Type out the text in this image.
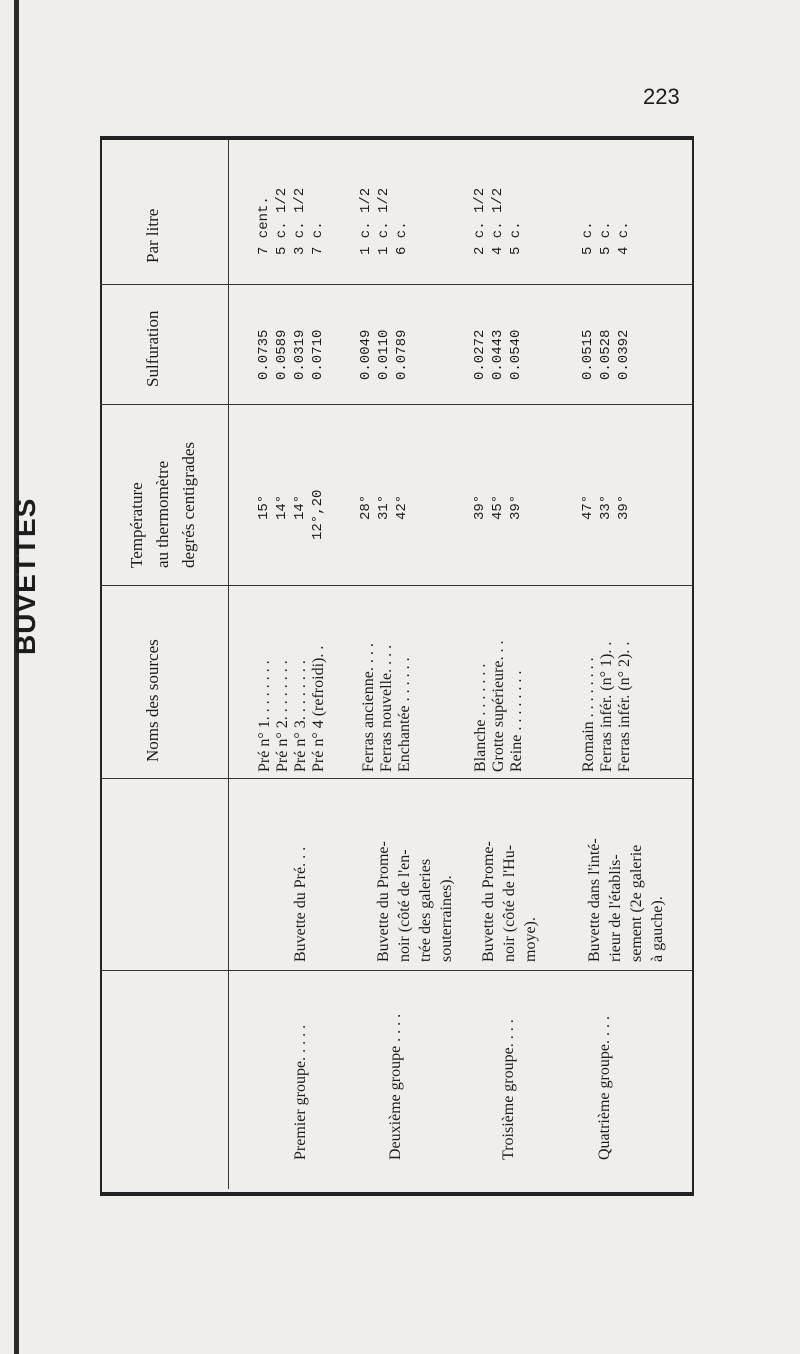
223
BUVETTES
Par litre
Sulfuration
Température au thermomètre degrés centigrades
Noms des sources
Premier groupe. . . . .
Buvette du Pré. . .
Pré n° 1. . . . . . . . Pré n° 2. . . . . . . . Pré n° 3. . . . . . . . Pré n° 4 (refroidi). .
15° 14° 14° 12°,20
0.0735 0.0589 0.0319 0.0710
7 cent. 5 c. 1/2 3 c. 1/2 7 c.
Deuxième groupe . . . .
Buvette du Prome- noir (côté de l'en- trée des galeries souterraines).
Ferras ancienne. . . . Ferras nouvelle. . . . Enchantée . . . . . .
28° 31° 42°
0.0049 0.0110 0.0789
1 c. 1/2 1 c. 1/2 6 c.
Troisième groupe. . . .
Buvette du Prome- noir (côté de l'Hu- moye).
Blanche . . . . . . . Grotte supérieure. . . Reine . . . . . . . .
39° 45° 39°
0.0272 0.0443 0.0540
2 c. 1/2 4 c. 1/2 5 c.
Quatrième groupe. . . .
Buvette dans l'inté- rieur de l'établis- sement (2e galerie à gauche).
Romain . . . . . . . . Ferras infér. (n° 1). . Ferras infér. (n° 2). .
47° 33° 39°
0.0515 0.0528 0.0392
5 c. 5 c. 4 c.
